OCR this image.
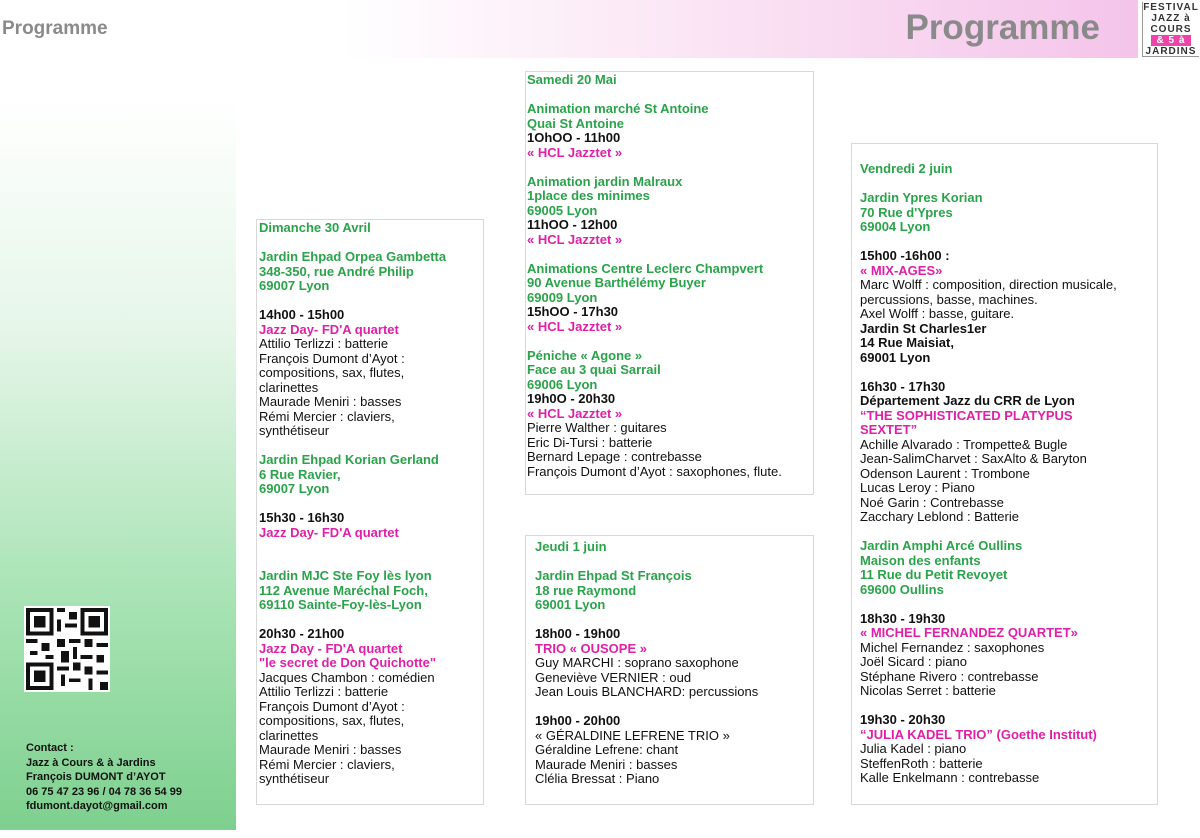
Programme	Programme
FESTIVAL
JAZZ à
COURS
& 5 à
JARDINS
Contact :
Jazz à Cours & à Jardins
François DUMONT d’AYOT
06 75 47 23 96 / 04 78 36 54 99
fdumont.dayot@gmail.com
Dimanche 30 Avril
Jardin Ehpad Orpea Gambetta
348-350, rue André Philip
69007 Lyon
14h00 - 15h00
Jazz Day- FD'A quartet
Attilio Terlizzi : batterie
François Dumont d’Ayot :
compositions, sax, flutes,
clarinettes
Maurade Meniri : basses
Rémi Mercier : claviers,
synthétiseur
Jardin Ehpad Korian Gerland
6 Rue Ravier,
69007 Lyon
15h30 - 16h30
Jazz Day- FD'A quartet
Jardin MJC Ste Foy lès lyon
112 Avenue Maréchal Foch,
69110 Sainte-Foy-lès-Lyon
20h30 - 21h00
Jazz Day - FD'A quartet
"le secret de Don Quichotte"
Jacques Chambon : comédien
Attilio Terlizzi : batterie
François Dumont d’Ayot :
compositions, sax, flutes,
clarinettes
Maurade Meniri : basses
Rémi Mercier : claviers,
synthétiseur
Samedi 20 Mai
Animation marché St Antoine
Quai St Antoine
1OhOO - 11h00
« HCL Jazztet »
Animation jardin Malraux
1place des minimes
69005 Lyon
11hOO - 12h00
« HCL Jazztet »
Animations Centre Leclerc Champvert
90 Avenue Barthélémy Buyer
69009 Lyon
15hOO - 17h30
« HCL Jazztet »
Péniche « Agone »
Face au 3 quai Sarrail
69006 Lyon
19h0O - 20h30
« HCL Jazztet »
Pierre Walther : guitares
Eric Di-Tursi : batterie
Bernard Lepage : contrebasse
François Dumont d’Ayot : saxophones, flute.
Jeudi 1 juin
Jardin Ehpad St François
18 rue Raymond
69001 Lyon
18h00 - 19h00
TRIO « OUSOPE »
Guy MARCHI : soprano saxophone
Geneviève VERNIER : oud
Jean Louis BLANCHARD: percussions
19h00 - 20h00
« GÉRALDINE LEFRENE TRIO »
Géraldine Lefrene: chant
Maurade Meniri : basses
Clélia Bressat : Piano
Vendredi 2 juin
Jardin Ypres Korian
70 Rue d'Ypres
69004 Lyon
15h00 -16h00 :
« MIX-AGES»
Marc Wolff : composition, direction musicale,
percussions, basse, machines.
Axel Wolff : basse, guitare.
Jardin St Charles1er
14 Rue Maisiat,
69001 Lyon
16h30 - 17h30
Département Jazz du CRR de Lyon
“THE SOPHISTICATED PLATYPUS
SEXTET”
Achille Alvarado : Trompette& Bugle
Jean-SalimCharvet : SaxAlto & Baryton
Odenson Laurent : Trombone
Lucas Leroy : Piano
Noé Garin : Contrebasse
Zacchary Leblond : Batterie
Jardin Amphi Arcé Oullins
Maison des enfants
11 Rue du Petit Revoyet
69600 Oullins
18h30 - 19h30
« MICHEL FERNANDEZ QUARTET»
Michel Fernandez : saxophones
Joël Sicard : piano
Stéphane Rivero : contrebasse
Nicolas Serret : batterie
19h30 - 20h30
“JULIA KADEL TRIO” (Goethe Institut)
Julia Kadel : piano
SteffenRoth : batterie
Kalle Enkelmann : contrebasse
